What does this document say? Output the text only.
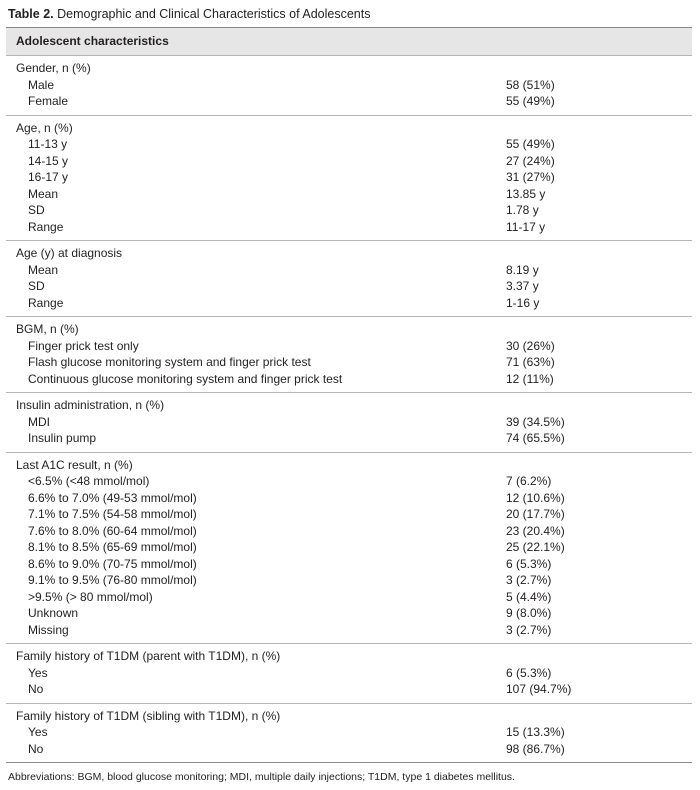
Table 2. Demographic and Clinical Characteristics of Adolescents
Adolescent characteristics
Gender, n (%)
Male	58 (51%)
Female	55 (49%)
Age, n (%)
11-13 y	55 (49%)
14-15 y	27 (24%)
16-17 y	31 (27%)
Mean	13.85 y
SD	1.78 y
Range	11-17 y
Age (y) at diagnosis
Mean	8.19 y
SD	3.37 y
Range	1-16 y
BGM, n (%)
Finger prick test only	30 (26%)
Flash glucose monitoring system and finger prick test	71 (63%)
Continuous glucose monitoring system and finger prick test	12 (11%)
Insulin administration, n (%)
MDI	39 (34.5%)
Insulin pump	74 (65.5%)
Last A1C result, n (%)
<6.5% (<48 mmol/mol)	7 (6.2%)
6.6% to 7.0% (49-53 mmol/mol)	12 (10.6%)
7.1% to 7.5% (54-58 mmol/mol)	20 (17.7%)
7.6% to 8.0% (60-64 mmol/mol)	23 (20.4%)
8.1% to 8.5% (65-69 mmol/mol)	25 (22.1%)
8.6% to 9.0% (70-75 mmol/mol)	6 (5.3%)
9.1% to 9.5% (76-80 mmol/mol)	3 (2.7%)
>9.5% (> 80 mmol/mol)	5 (4.4%)
Unknown	9 (8.0%)
Missing	3 (2.7%)
Family history of T1DM (parent with T1DM), n (%)
Yes	6 (5.3%)
No	107 (94.7%)
Family history of T1DM (sibling with T1DM), n (%)
Yes	15 (13.3%)
No	98 (86.7%)
Abbreviations: BGM, blood glucose monitoring; MDI, multiple daily injections; T1DM, type 1 diabetes mellitus.
